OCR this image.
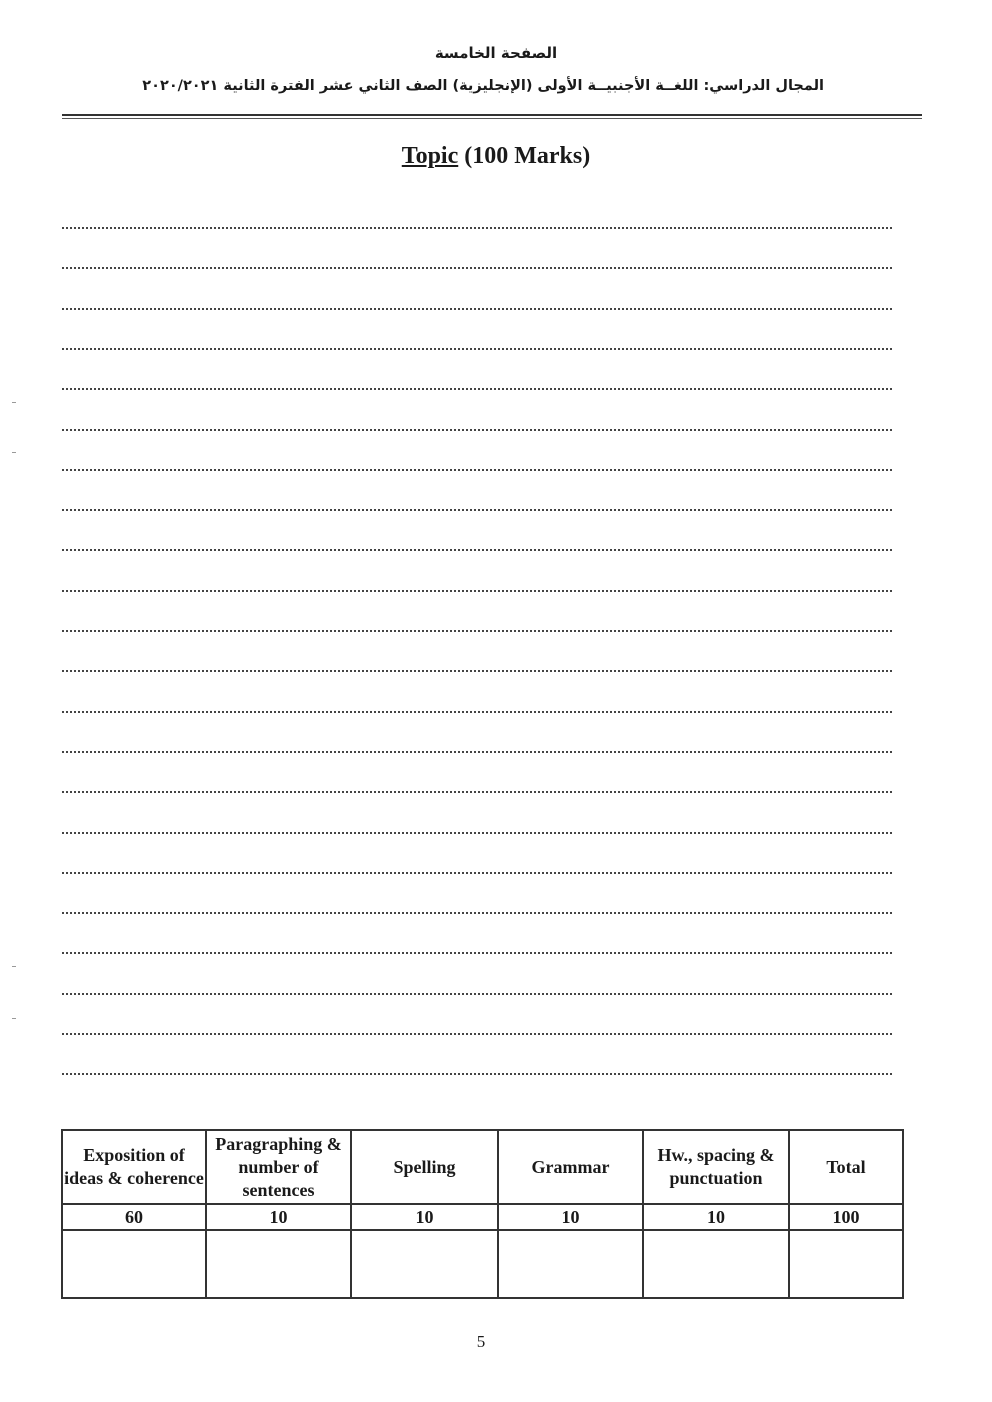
الصفحة الخامسة
المجال الدراسي: اللغــة الأجنبيــة الأولى (الإنجليزية) الصف الثاني عشر الفترة الثانية ٢٠٢٠/٢٠٢١
Topic (100 Marks)
Exposition of ideas & coherence	Paragraphing & number of sentences	Spelling	Grammar	Hw., spacing & punctuation	Total
60	10	10	10	10	100

5
